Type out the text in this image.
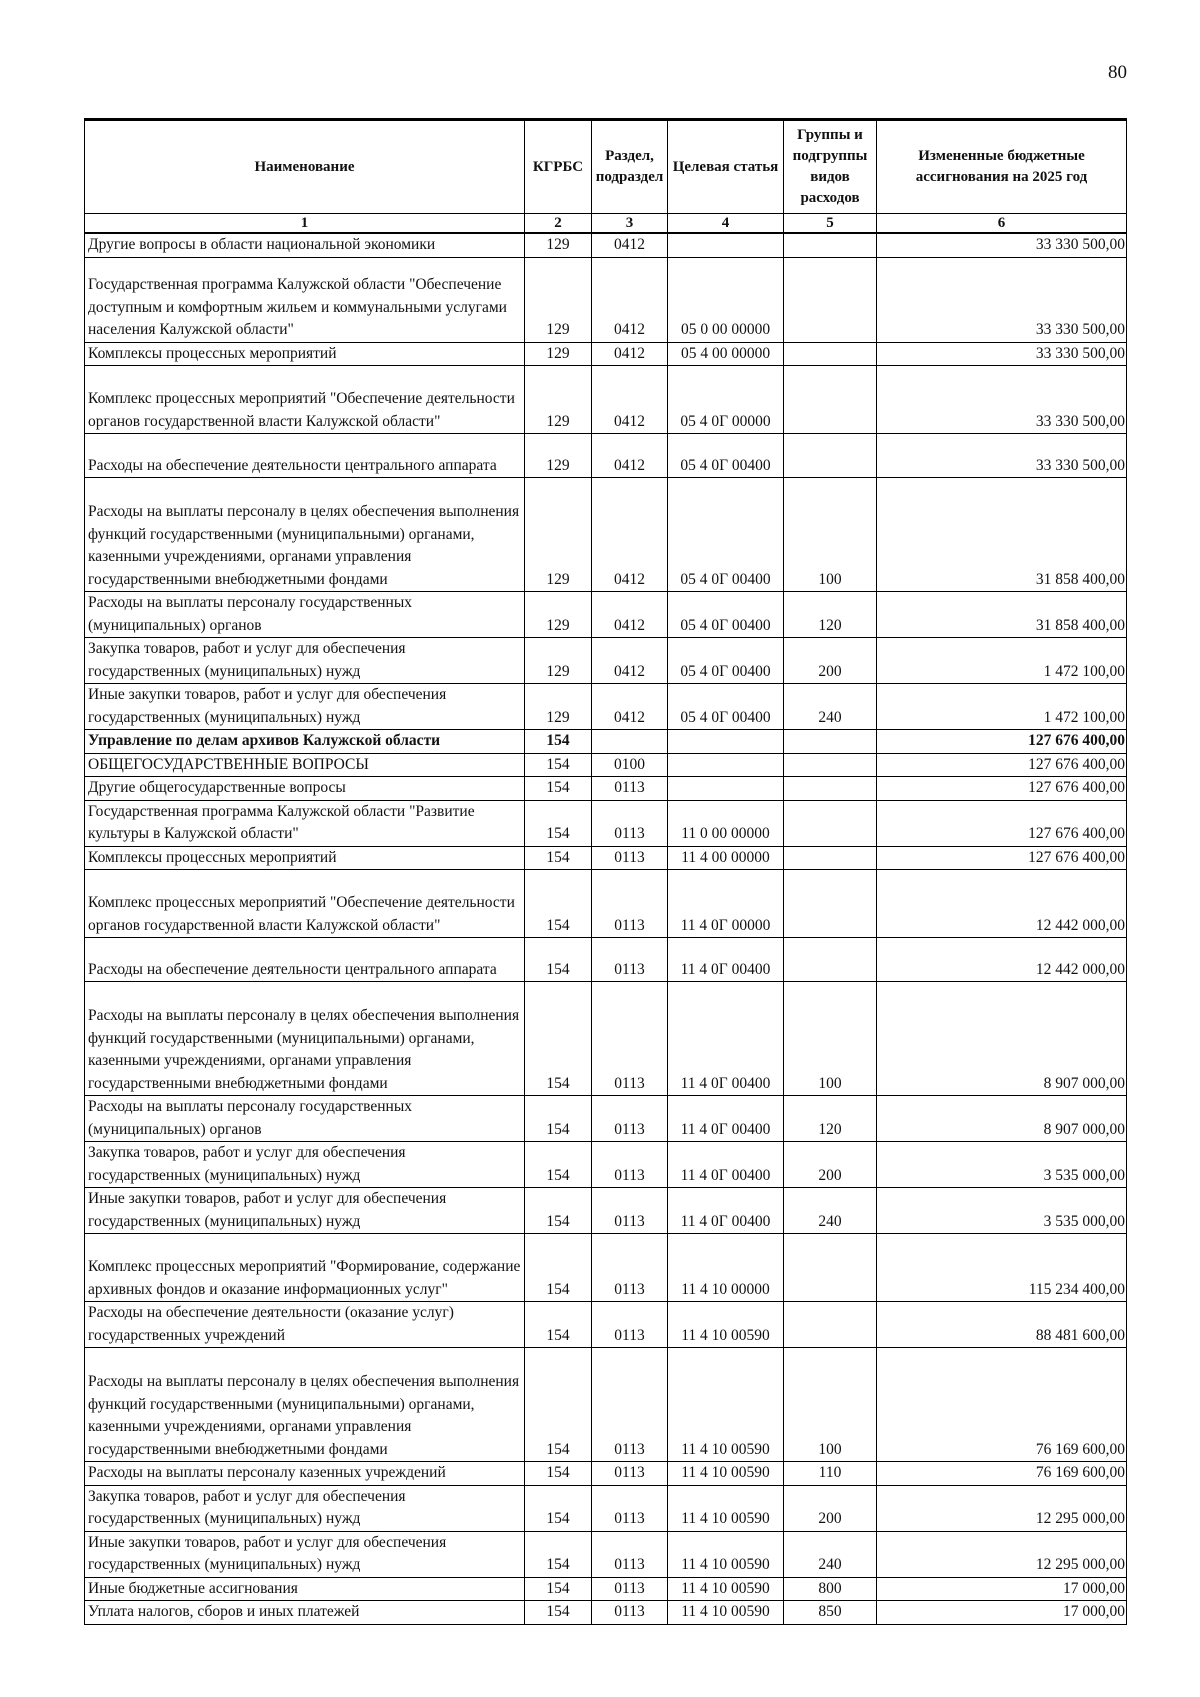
80
Наименование	КГРБС	Раздел, подраздел	Целевая статья	Группы и подгруппы видов расходов	Измененные бюджетные ассигнования на 2025 год
1	2	3	4	5	6
Другие вопросы в области национальной экономики	129	0412			33 330 500,00
Государственная программа Калужской области "Обеспечение доступным и комфортным жильем и коммунальными услугами населения Калужской области"	129	0412	05 0 00 00000		33 330 500,00
Комплексы процессных мероприятий	129	0412	05 4 00 00000		33 330 500,00
Комплекс процессных мероприятий "Обеспечение деятельности органов государственной власти Калужской области"	129	0412	05 4 0Г 00000		33 330 500,00
Расходы на обеспечение деятельности центрального аппарата	129	0412	05 4 0Г 00400		33 330 500,00
Расходы на выплаты персоналу в целях обеспечения выполнения функций государственными (муниципальными) органами, казенными учреждениями, органами управления государственными внебюджетными фондами	129	0412	05 4 0Г 00400	100	31 858 400,00
Расходы на выплаты персоналу государственных (муниципальных) органов	129	0412	05 4 0Г 00400	120	31 858 400,00
Закупка товаров, работ и услуг для обеспечения государственных (муниципальных) нужд	129	0412	05 4 0Г 00400	200	1 472 100,00
Иные закупки товаров, работ и услуг для обеспечения государственных (муниципальных) нужд	129	0412	05 4 0Г 00400	240	1 472 100,00
Управление по делам архивов Калужской области	154				127 676 400,00
ОБЩЕГОСУДАРСТВЕННЫЕ ВОПРОСЫ	154	0100			127 676 400,00
Другие общегосударственные вопросы	154	0113			127 676 400,00
Государственная программа Калужской области "Развитие культуры в Калужской области"	154	0113	11 0 00 00000		127 676 400,00
Комплексы процессных мероприятий	154	0113	11 4 00 00000		127 676 400,00
Комплекс процессных мероприятий "Обеспечение деятельности органов государственной власти Калужской области"	154	0113	11 4 0Г 00000		12 442 000,00
Расходы на обеспечение деятельности центрального аппарата	154	0113	11 4 0Г 00400		12 442 000,00
Расходы на выплаты персоналу в целях обеспечения выполнения функций государственными (муниципальными) органами, казенными учреждениями, органами управления государственными внебюджетными фондами	154	0113	11 4 0Г 00400	100	8 907 000,00
Расходы на выплаты персоналу государственных (муниципальных) органов	154	0113	11 4 0Г 00400	120	8 907 000,00
Закупка товаров, работ и услуг для обеспечения государственных (муниципальных) нужд	154	0113	11 4 0Г 00400	200	3 535 000,00
Иные закупки товаров, работ и услуг для обеспечения государственных (муниципальных) нужд	154	0113	11 4 0Г 00400	240	3 535 000,00
Комплекс процессных мероприятий "Формирование, содержание архивных фондов и оказание информационных услуг"	154	0113	11 4 10 00000		115 234 400,00
Расходы на обеспечение деятельности (оказание услуг) государственных учреждений	154	0113	11 4 10 00590		88 481 600,00
Расходы на выплаты персоналу в целях обеспечения выполнения функций государственными (муниципальными) органами, казенными учреждениями, органами управления государственными внебюджетными фондами	154	0113	11 4 10 00590	100	76 169 600,00
Расходы на выплаты персоналу казенных учреждений	154	0113	11 4 10 00590	110	76 169 600,00
Закупка товаров, работ и услуг для обеспечения государственных (муниципальных) нужд	154	0113	11 4 10 00590	200	12 295 000,00
Иные закупки товаров, работ и услуг для обеспечения государственных (муниципальных) нужд	154	0113	11 4 10 00590	240	12 295 000,00
Иные бюджетные ассигнования	154	0113	11 4 10 00590	800	17 000,00
Уплата налогов, сборов и иных платежей	154	0113	11 4 10 00590	850	17 000,00
